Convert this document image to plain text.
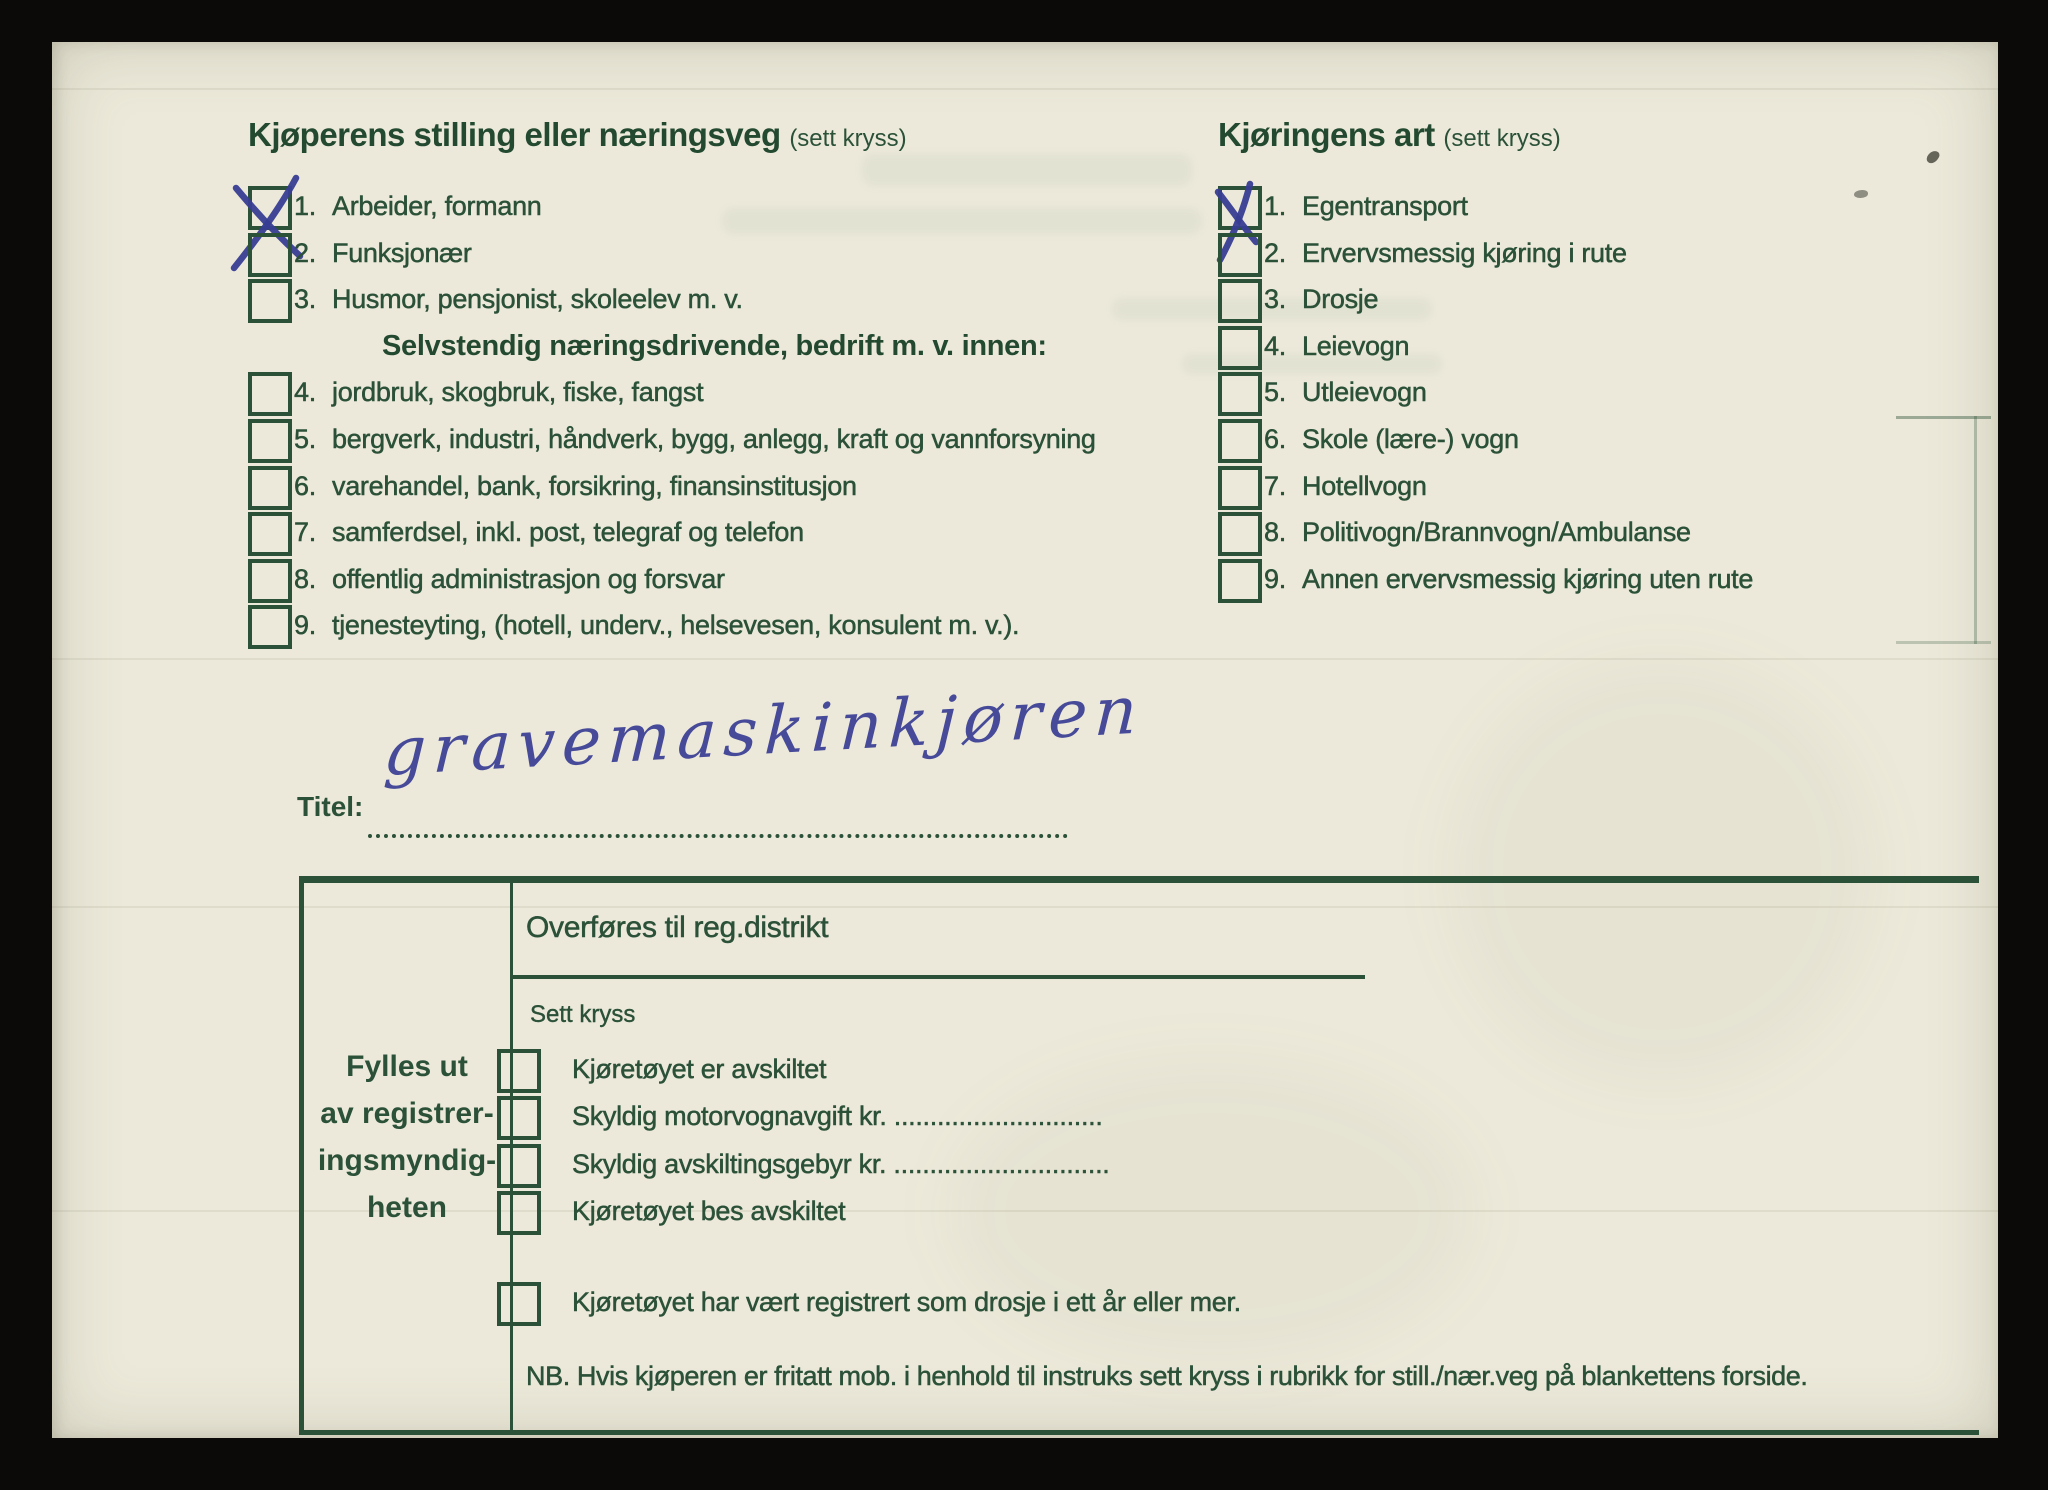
Kjøperens stilling eller næringsveg (sett kryss)	Kjøringens art (sett kryss)
Titel:
gravemaskinkjøren
Overføres til reg.distrikt
Sett kryss
Fylles ut
av registrer-
ingsmyndig-
heten
Kjøretøyet er avskiltet
Skyldig motorvognavgift kr. .............................
Skyldig avskiltingsgebyr kr. ..............................
Kjøretøyet bes avskiltet
Kjøretøyet har vært registrert som drosje i ett år eller mer.
NB. Hvis kjøperen er fritatt mob. i henhold til instruks sett kryss i rubrikk for still./nær.veg på blankettens forside.
1. Arbeider, formann
2. Funksjonær
3. Husmor, pensjonist, skoleelev m. v.
Selvstendig næringsdrivende, bedrift m. v. innen:
4. jordbruk, skogbruk, fiske, fangst
5. bergverk, industri, håndverk, bygg, anlegg, kraft og vannforsyning
6. varehandel, bank, forsikring, finansinstitusjon
7. samferdsel, inkl. post, telegraf og telefon
8. offentlig administrasjon og forsvar
9. tjenesteyting, (hotell, underv., helsevesen, konsulent m. v.).
1. Egentransport
2. Ervervsmessig kjøring i rute
3. Drosje
4. Leievogn
5. Utleievogn
6. Skole (lære-) vogn
7. Hotellvogn
8. Politivogn/Brannvogn/Ambulanse
9. Annen ervervsmessig kjøring uten rute
